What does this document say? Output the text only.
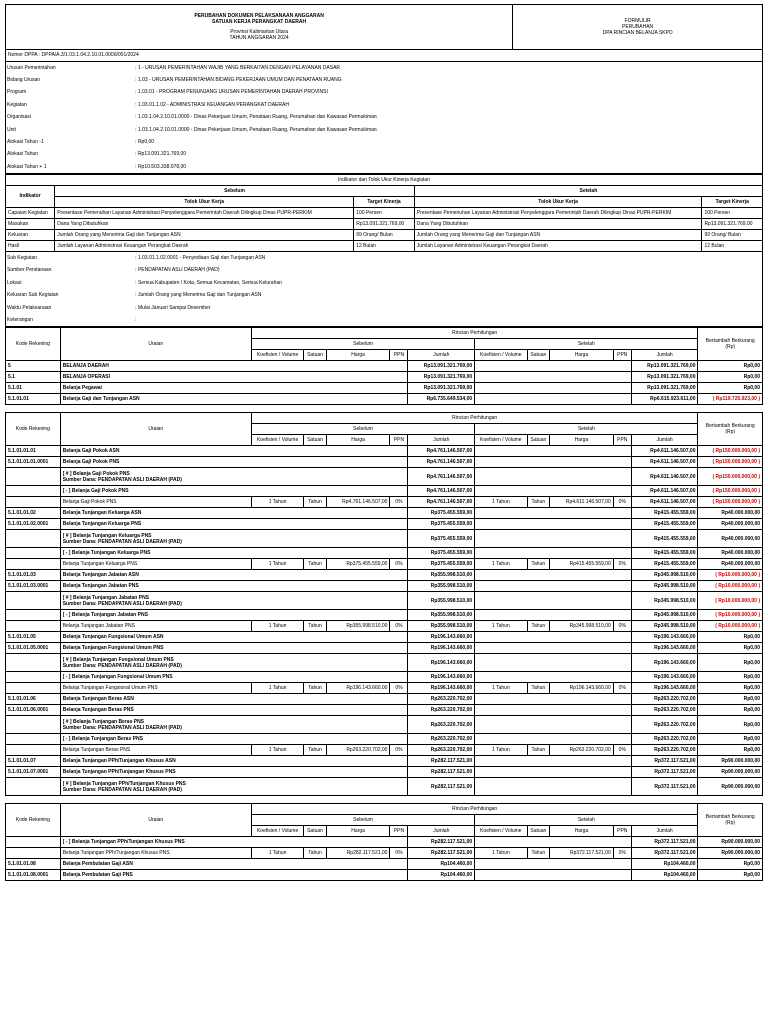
PERUBAHAN DOKUMEN PELAKSANAAN ANGGARAN
SATUAN KERJA PERANGKAT DAERAH
Provinsi Kalimantan Utara
TAHUN ANGGARAN 2024

FORMULIR
PERUBAHAN
DPA RINCIAN BELANJA SKPD
Nomor DPPA : DPPA/A.3/1.03.1.04.2.10.01.0000/001/2024
Urusan Pemerintahan	: 1 - URUSAN PEMERINTAHAN WAJIB YANG BERKAITAN DENGAN PELAYANAN DASAR
Bidang Urusan	: 1.03 - URUSAN PEMERINTAHAN BIDANG PEKERJAAN UMUM DAN PENATAAN RUANG
Program	: 1.03.01 - PROGRAM PENUNJANG URUSAN PEMERINTAHAN DAERAH PROVINSI
Kegiatan	: 1.03.01.1.02 - ADMINISTRASI KEUANGAN PERANGKAT DAERAH
Organisasi	: 1.03.1.04.2.10.01.0000 - Dinas Pekerjaan Umum, Penataan Ruang, Perumahan dan Kawasan Permukiman
Unit	: 1.03.1.04.2.10.01.0000 - Dinas Pekerjaan Umum, Penataan Ruang, Perumahan dan Kawasan Permukiman
Alokasi Tahun -1	: Rp0,00
Alokasi Tahun	: Rp13.091.321.769,00
Alokasi Tahun + 1	: Rp10.503.338.078,00
Indikator dan Tolok Ukur Kinerja Kegiatan				
Indikator	Sebelum		Setelah	
	Tolok Ukur Kerja	Target Kinerja	Tolok Ukur Kerja	Target Kinerja
Capaian Kegiatan	Presentase Pemenuhan Layanan Administrasi Penyelenggara Pemerintah Daerah Dilingkup Dinas PUPR-PERKIM	100 Persen	Presentase Pemenuhan Layanan Administrasi Penyelenggara Pemerintah Daerah Dilingkup Dinas PUPR-PERKIM	100 Persen
Masukan	Dana Yang Dibutuhkan	Rp13.091.321.769,00	Dana Yang Dibutuhkan	Rp13.091.321.769,00
Keluaran	Jumlah Orang yang Menerima Gaji dan Tunjangan ASN	99 Orang/ Bulan	Jumlah Orang yang Menerima Gaji dan Tunjangan ASN	99 Orang/ Bulan
Hasil	Jumlah Layanan Administrasi Keuangan Perangkat Daerah	12 Bulan	Jumlah Layanan Administrasi Keuangan Perangkat Daerah	12 Bulan
Sub Kegiatan	: 1.03.01.1.02.0001 - Penyediaan Gaji dan Tunjangan ASN
Sumber Pendanaan	: PENDAPATAN ASLI DAERAH (PAD)
Lokasi	: Semua Kabupaten / Kota, Semua Kecamatan, Semua Kelurahan
Keluaran Sub Kegiatan	: Jumlah Orang yang Menerima Gaji dan Tunjangan ASN
Waktu Pelaksanaan	: Mulai Januari Sampai Desember
Keterangan	:
Kode Rekening	Uraian	Rincian Perhitungan										Bertambah Berkurang (Rp)
		Sebelum					Setelah					
		Koefisien / Volume	Satuan	Harga	PPN	Jumlah	Koefisien / Volume	Satuan	Harga	PPN	Jumlah	
5	BELANJA DAERAH					Rp13.091.321.769,00					Rp13.091.321.769,00	Rp0,00
5.1	BELANJA OPERASI					Rp13.091.321.769,00					Rp13.091.321.769,00	Rp0,00
5.1.01	Belanja Pegawai					Rp13.091.321.769,00					Rp13.091.321.769,00	Rp0,00
5.1.01.01	Belanja Gaji dan Tunjangan ASN					Rp6.735.649.534,00					Rp6.615.923.611,00	( Rp119.725.923,00 )
Kode Rekening	Uraian	Rincian Perhitungan										Bertambah Berkurang (Rp)
		Sebelum					Setelah					
		Koefisien / Volume	Satuan	Harga	PPN	Jumlah	Koefisien / Volume	Satuan	Harga	PPN	Jumlah	
5.1.01.01.01	Belanja Gaji Pokok ASN					Rp4.761.146.507,00					Rp4.611.146.507,00	( Rp150.000.000,00 )
5.1.01.01.01.0001	Belanja Gaji Pokok PNS					Rp4.761.146.507,00					Rp4.611.146.507,00	( Rp150.000.000,00 )

	[ # ] Belanja Gaji Pokok PNS
Sumber Dana: PENDAPATAN ASLI DAERAH (PAD)					Rp4.761.146.507,00					Rp4.611.146.507,00	( Rp150.000.000,00 )

	[ - ] Belanja Gaji Pokok PNS					Rp4.761.146.507,00					Rp4.611.146.507,00	( Rp150.000.000,00 )
	Belanja Gaji Pokok PNS	1 Tahun	Tahun	Rp4.761.146.507,00	0%	Rp4.761.146.507,00	1 Tahun	Tahun	Rp4.611.146.507,00	0%	Rp4.611.146.507,00	( Rp150.000.000,00 )
5.1.01.01.02	Belanja Tunjangan Keluarga ASN					Rp375.455.559,00					Rp415.455.559,00	Rp40.000.000,00
5.1.01.01.02.0001	Belanja Tunjangan Keluarga PNS					Rp375.455.559,00					Rp415.455.559,00	Rp40.000.000,00

	[ # ] Belanja Tunjangan Keluarga PNS
Sumber Dana: PENDAPATAN ASLI DAERAH (PAD)					Rp375.455.559,00					Rp415.455.559,00	Rp40.000.000,00

	[ - ] Belanja Tunjangan Keluarga PNS					Rp375.455.559,00					Rp415.455.559,00	Rp40.000.000,00
	Belanja Tunjangan Keluarga PNS	1 Tahun	Tahun	Rp375.455.559,00	0%	Rp375.455.559,00	1 Tahun	Tahun	Rp415.455.559,00	0%	Rp415.455.559,00	Rp40.000.000,00
5.1.01.01.03	Belanja Tunjangan Jabatan ASN					Rp355.998.510,00					Rp345.998.510,00	( Rp10.000.000,00 )
5.1.01.01.03.0001	Belanja Tunjangan Jabatan PNS					Rp355.998.510,00					Rp345.998.510,00	( Rp10.000.000,00 )

	[ # ] Belanja Tunjangan Jabatan PNS
Sumber Dana: PENDAPATAN ASLI DAERAH (PAD)					Rp355.998.510,00					Rp345.998.510,00	( Rp10.000.000,00 )

	[ - ] Belanja Tunjangan Jabatan PNS					Rp355.998.510,00					Rp345.998.510,00	( Rp10.000.000,00 )
	Belanja Tunjangan Jabatan PNS	1 Tahun	Tahun	Rp355.998.510,00	0%	Rp355.998.510,00	1 Tahun	Tahun	Rp345.998.510,00	0%	Rp345.998.510,00	( Rp10.000.000,00 )
5.1.01.01.05	Belanja Tunjangan Fungsional Umum ASN					Rp196.143.660,00					Rp196.143.660,00	Rp0,00
5.1.01.01.05.0001	Belanja Tunjangan Fungsional Umum PNS					Rp196.143.660,00					Rp196.143.660,00	Rp0,00

	[ # ] Belanja Tunjangan Fungsional Umum PNS
Sumber Dana: PENDAPATAN ASLI DAERAH (PAD)					Rp196.143.660,00					Rp196.143.660,00	Rp0,00

	[ - ] Belanja Tunjangan Fungsional Umum PNS					Rp196.143.660,00					Rp196.143.660,00	Rp0,00
	Belanja Tunjangan Fungsional Umum PNS	1 Tahun	Tahun	Rp196.143.660,00	0%	Rp196.143.660,00	1 Tahun	Tahun	Rp196.143.660,00	0%	Rp196.143.660,00	Rp0,00
5.1.01.01.06	Belanja Tunjangan Beras ASN					Rp263.220.702,00					Rp263.220.702,00	Rp0,00
5.1.01.01.06.0001	Belanja Tunjangan Beras PNS					Rp263.220.702,00					Rp263.220.702,00	Rp0,00

	[ # ] Belanja Tunjangan Beras PNS
Sumber Dana: PENDAPATAN ASLI DAERAH (PAD)					Rp263.220.702,00					Rp263.220.702,00	Rp0,00

	[ - ] Belanja Tunjangan Beras PNS					Rp263.220.702,00					Rp263.220.702,00	Rp0,00
	Belanja Tunjangan Beras PNS	1 Tahun	Tahun	Rp263.220.702,00	0%	Rp263.220.702,00	1 Tahun	Tahun	Rp263.220.702,00	0%	Rp263.220.702,00	Rp0,00
5.1.01.01.07	Belanja Tunjangan PPh/Tunjangan Khusus ASN					Rp282.117.521,00					Rp372.117.521,00	Rp90.000.000,00
5.1.01.01.07.0001	Belanja Tunjangan PPh/Tunjangan Khusus PNS					Rp282.117.521,00					Rp372.117.521,00	Rp90.000.000,00

	[ # ] Belanja Tunjangan PPh/Tunjangan Khusus PNS
Sumber Dana: PENDAPATAN ASLI DAERAH (PAD)					Rp282.117.521,00					Rp372.117.521,00	Rp90.000.000,00
Kode Rekening	Uraian	Rincian Perhitungan										Bertambah Berkurang (Rp)
		Sebelum					Setelah					
		Koefisien / Volume	Satuan	Harga	PPN	Jumlah	Koefisien / Volume	Satuan	Harga	PPN	Jumlah	

	[ - ] Belanja Tunjangan PPh/Tunjangan Khusus PNS					Rp282.117.521,00					Rp372.117.521,00	Rp90.000.000,00
	Belanja Tunjangan PPh/Tunjangan Khusus PNS	1 Tahun	Tahun	Rp282.117.521,00	0%	Rp282.117.521,00	1 Tahun	Tahun	Rp372.117.521,00	0%	Rp372.117.521,00	Rp90.000.000,00
5.1.01.01.08	Belanja Pembulatan Gaji ASN					Rp104.460,00					Rp104.460,00	Rp0,00
5.1.01.01.08.0001	Belanja Pembulatan Gaji PNS					Rp104.460,00					Rp104.460,00	Rp0,00
